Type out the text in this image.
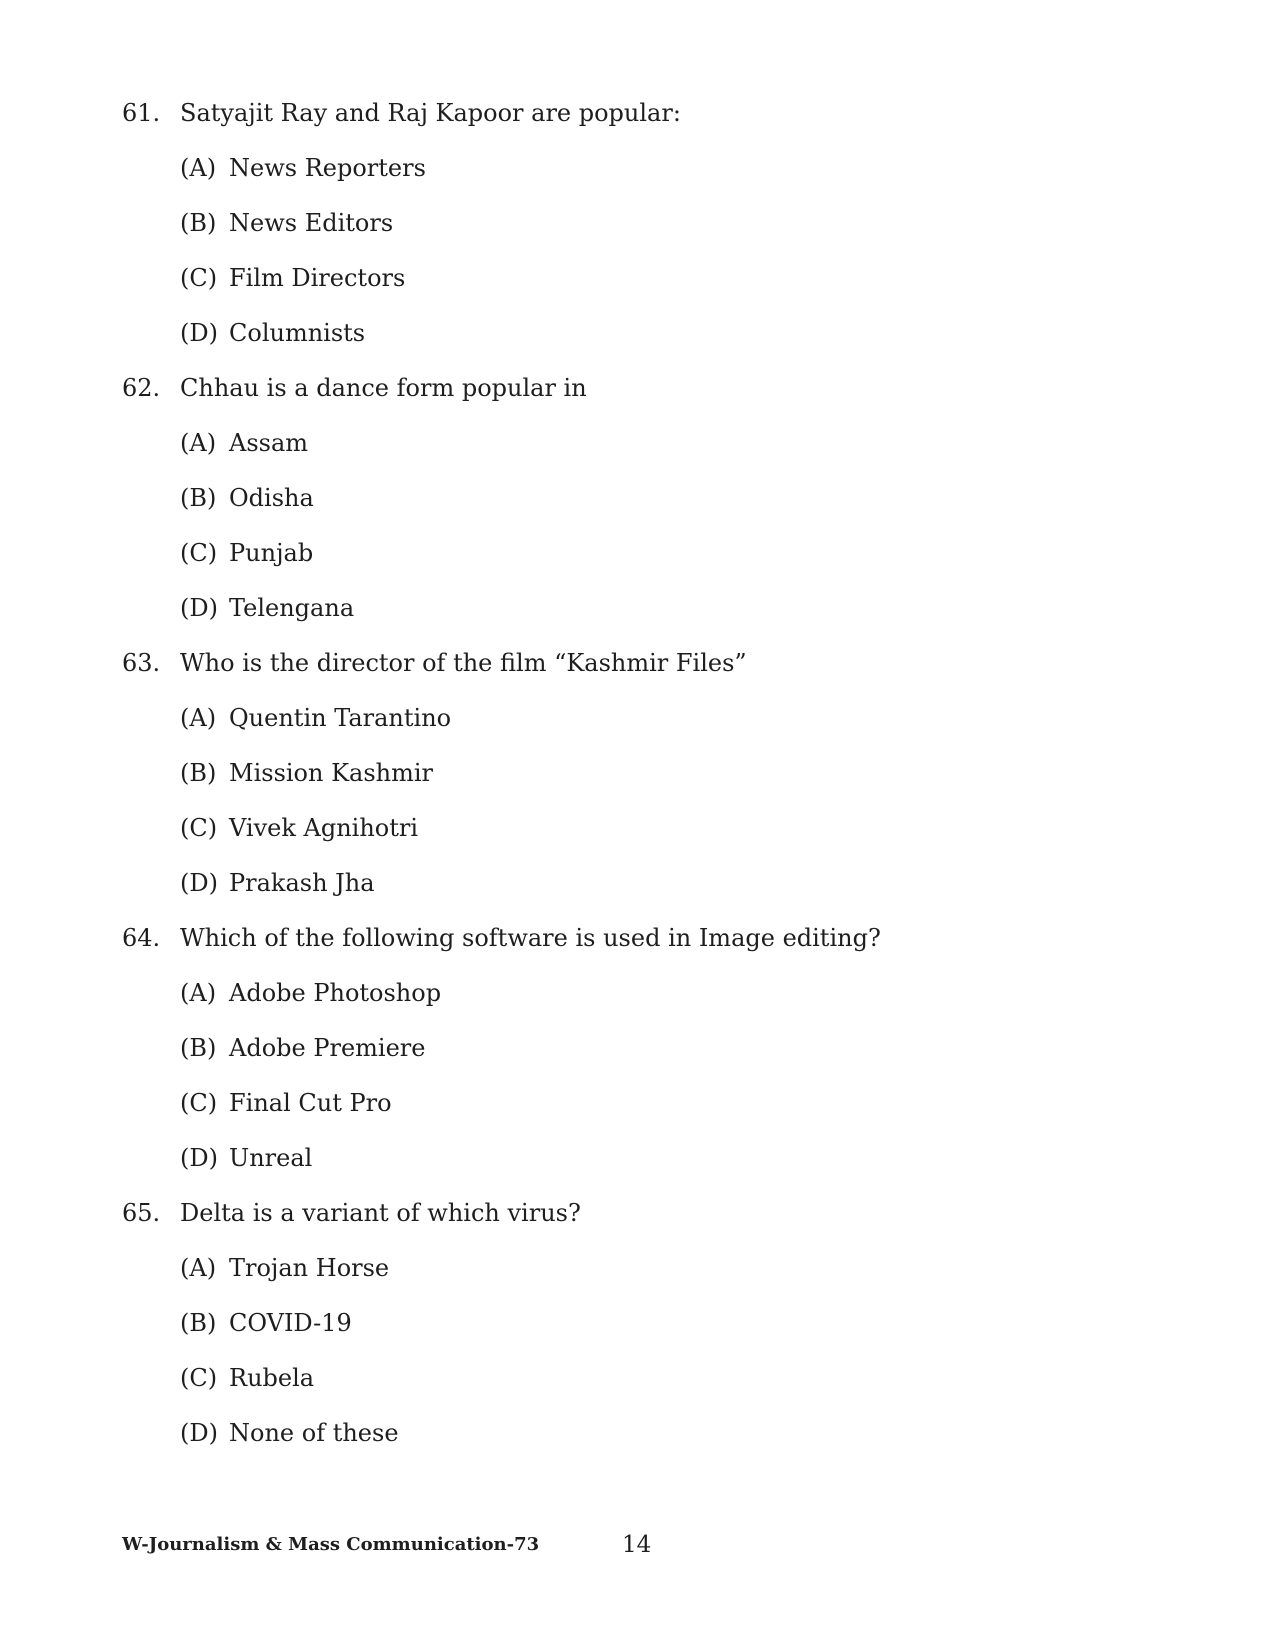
61. Satyajit Ray and Raj Kapoor are popular:
(A) News Reporters
(B) News Editors
(C) Film Directors
(D) Columnists
62. Chhau is a dance form popular in
(A) Assam
(B) Odisha
(C) Punjab
(D) Telengana
63. Who is the director of the film “Kashmir Files”
(A) Quentin Tarantino
(B) Mission Kashmir
(C) Vivek Agnihotri
(D) Prakash Jha
64. Which of the following software is used in Image editing?
(A) Adobe Photoshop
(B) Adobe Premiere
(C) Final Cut Pro
(D) Unreal
65. Delta is a variant of which virus?
(A) Trojan Horse
(B) COVID-19
(C) Rubela
(D) None of these
W-Journalism & Mass Communication-73	14
